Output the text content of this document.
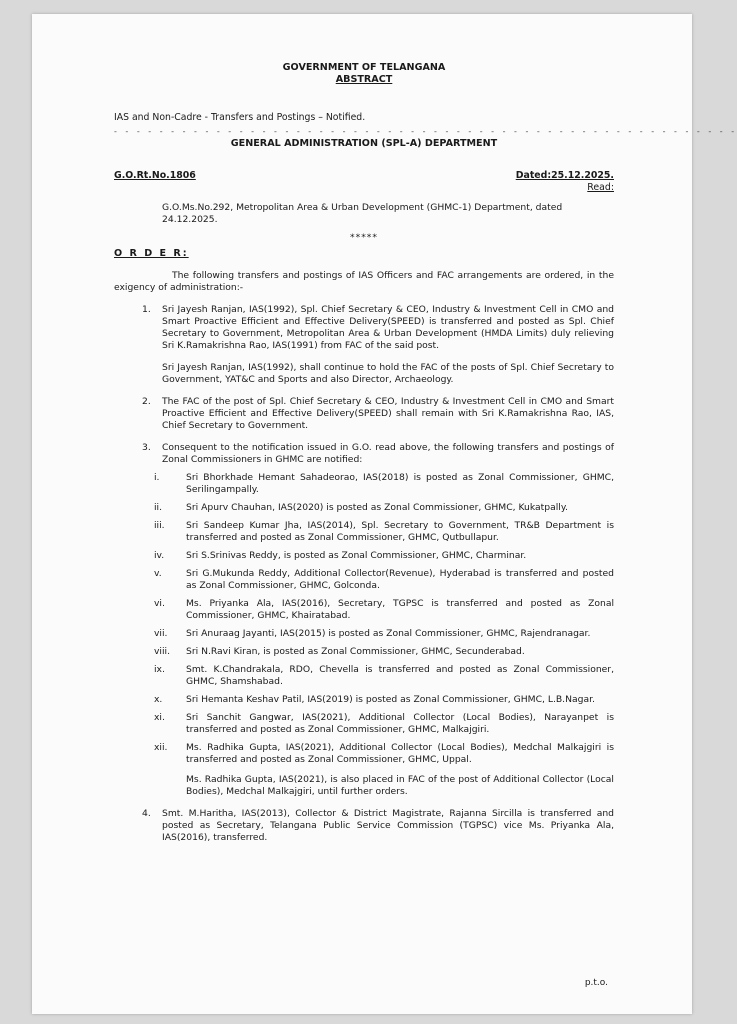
GOVERNMENT OF TELANGANA
ABSTRACT
IAS and Non-Cadre - Transfers and Postings – Notified.
- - - - - - - - - - - - - - - - - - - - - - - - - - - - - - - - - - - - - - - - - - - - - - - - - - - - - - -
GENERAL ADMINISTRATION (SPL-A) DEPARTMENT
G.O.Rt.No.1806	Dated:25.12.2025.
Read:
G.O.Ms.No.292, Metropolitan Area & Urban Development (GHMC-1) Department, dated 24.12.2025.
*****
O R D E R:
The following transfers and postings of IAS Officers and FAC arrangements are ordered, in the exigency of administration:-
1. Sri Jayesh Ranjan, IAS(1992), Spl. Chief Secretary & CEO, Industry & Investment Cell in CMO and Smart Proactive Efficient and Effective Delivery(SPEED) is transferred and posted as Spl. Chief Secretary to Government, Metropolitan Area & Urban Development (HMDA Limits) duly relieving Sri K.Ramakrishna Rao, IAS(1991) from FAC of the said post.

Sri Jayesh Ranjan, IAS(1992), shall continue to hold the FAC of the posts of Spl. Chief Secretary to Government, YAT&C and Sports and also Director, Archaeology.

2. The FAC of the post of Spl. Chief Secretary & CEO, Industry & Investment Cell in CMO and Smart Proactive Efficient and Effective Delivery(SPEED) shall remain with Sri K.Ramakrishna Rao, IAS, Chief Secretary to Government.

3. Consequent to the notification issued in G.O. read above, the following transfers and postings of Zonal Commissioners in GHMC are notified:

i.	Sri Bhorkhade Hemant Sahadeorao, IAS(2018) is posted as Zonal Commissioner, GHMC, Serilingampally.

ii.	Sri Apurv Chauhan, IAS(2020) is posted as Zonal Commissioner, GHMC, Kukatpally.

iii. Sri Sandeep Kumar Jha, IAS(2014), Spl. Secretary to Government, TR&B Department is transferred and posted as Zonal Commissioner, GHMC, Qutbullapur.

iv. Sri S.Srinivas Reddy, is posted as Zonal Commissioner, GHMC, Charminar.

v.	Sri G.Mukunda Reddy, Additional Collector(Revenue), Hyderabad is transferred and posted as Zonal Commissioner, GHMC, Golconda.

vi. Ms. Priyanka Ala, IAS(2016), Secretary, TGPSC is transferred and posted as Zonal Commissioner, GHMC, Khairatabad.

vii. Sri Anuraag Jayanti, IAS(2015) is posted as Zonal Commissioner, GHMC, Rajendranagar.

viii. Sri N.Ravi Kiran, is posted as Zonal Commissioner, GHMC, Secunderabad.

ix. Smt. K.Chandrakala, RDO, Chevella is transferred and posted as Zonal Commissioner, GHMC, Shamshabad.

x.	Sri Hemanta Keshav Patil, IAS(2019) is posted as Zonal Commissioner, GHMC, L.B.Nagar.

xi. Sri Sanchit Gangwar, IAS(2021), Additional Collector (Local Bodies), Narayanpet is transferred and posted as Zonal Commissioner, GHMC, Malkajgiri.

xii. Ms. Radhika Gupta, IAS(2021), Additional Collector (Local Bodies), Medchal Malkajgiri is transferred and posted as Zonal Commissioner, GHMC, Uppal.

Ms. Radhika Gupta, IAS(2021), is also placed in FAC of the post of Additional Collector (Local Bodies), Medchal Malkajgiri, until further orders.

4. Smt. M.Haritha, IAS(2013), Collector & District Magistrate, Rajanna Sircilla is transferred and posted as Secretary, Telangana Public Service Commission (TGPSC) vice Ms. Priyanka Ala, IAS(2016), transferred.

p.t.o.
